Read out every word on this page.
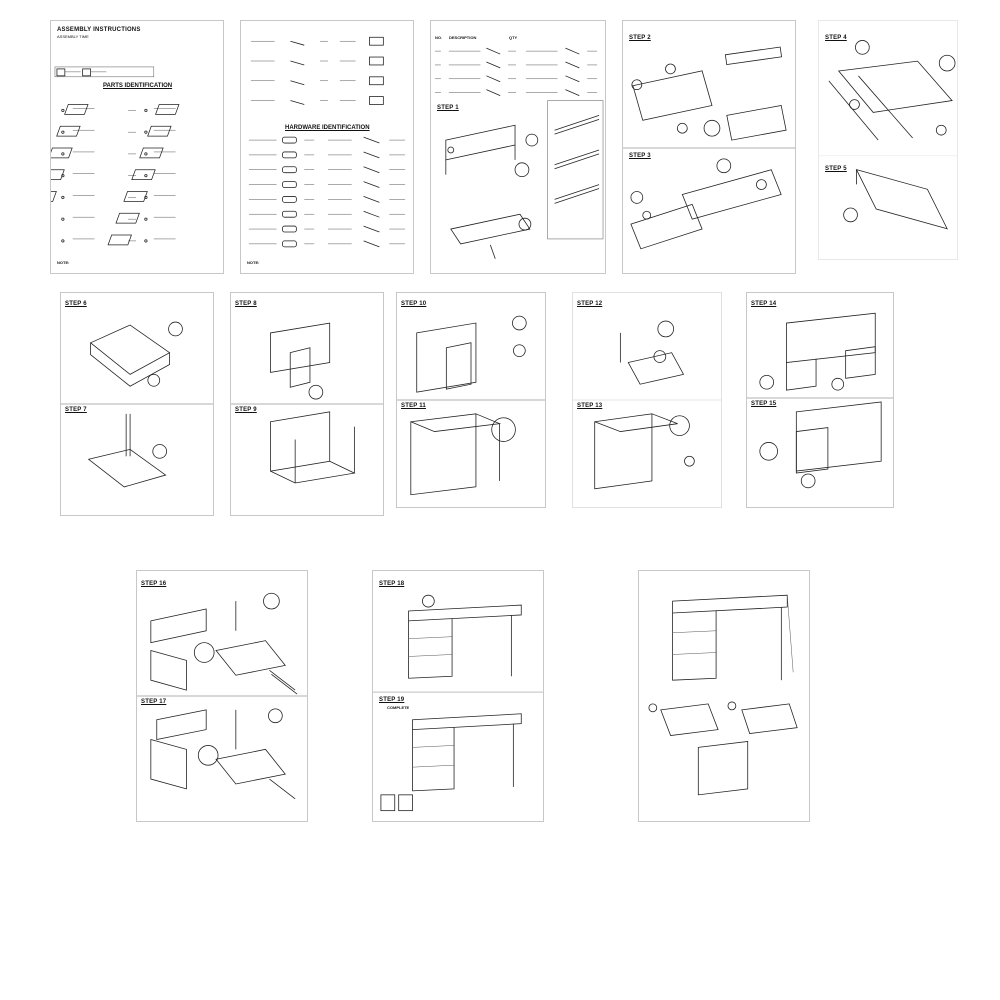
ASSEMBLY INSTRUCTIONS
ASSEMBLY TIME
PARTS IDENTIFICATION
NOTE:
HARDWARE IDENTIFICATION
NOTE:
NO. DESCRIPTION	QTY
STEP 1
STEP 2
STEP 3
STEP 4
STEP 5
STEP 6
STEP 7
STEP 8
STEP 9
STEP 10
STEP 11
STEP 12
STEP 13
STEP 14
STEP 15
STEP 16
STEP 17
STEP 18
STEP 19
COMPLETE
